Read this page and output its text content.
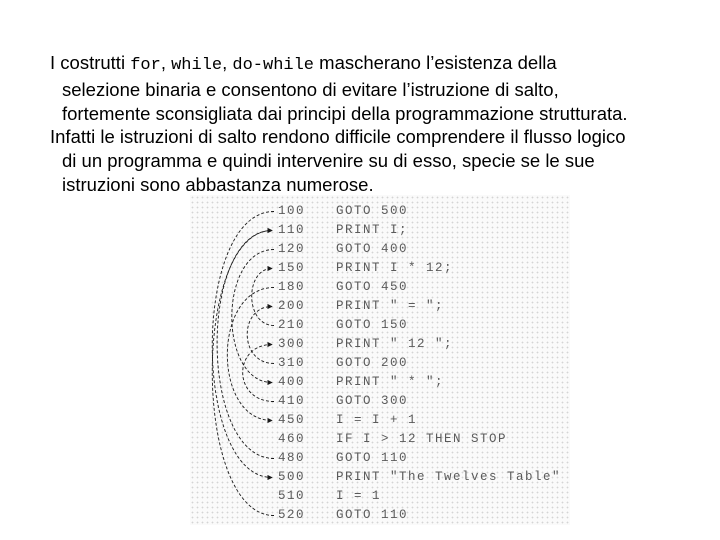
I costrutti for, while, do-while mascherano l’esistenza della
selezione binaria e consentono di evitare l’istruzione di salto,
fortemente sconsigliata dai principi della programmazione strutturata.
Infatti le istruzioni di salto rendono difficile comprendere il flusso logico
di un programma e quindi intervenire su di esso, specie se le sue
istruzioni sono abbastanza numerose.
100 GOTO 500
110 PRINT I;
120 GOTO 400
150 PRINT I * 12;
180 GOTO 450
200 PRINT " = ";
210 GOTO 150
300 PRINT " 12 ";
310 GOTO 200
400 PRINT " * ";
410 GOTO 300
450 I = I + 1
460 IF I > 12 THEN STOP
480 GOTO 110
500 PRINT "The Twelves Table"
510 I = 1
520 GOTO 110
